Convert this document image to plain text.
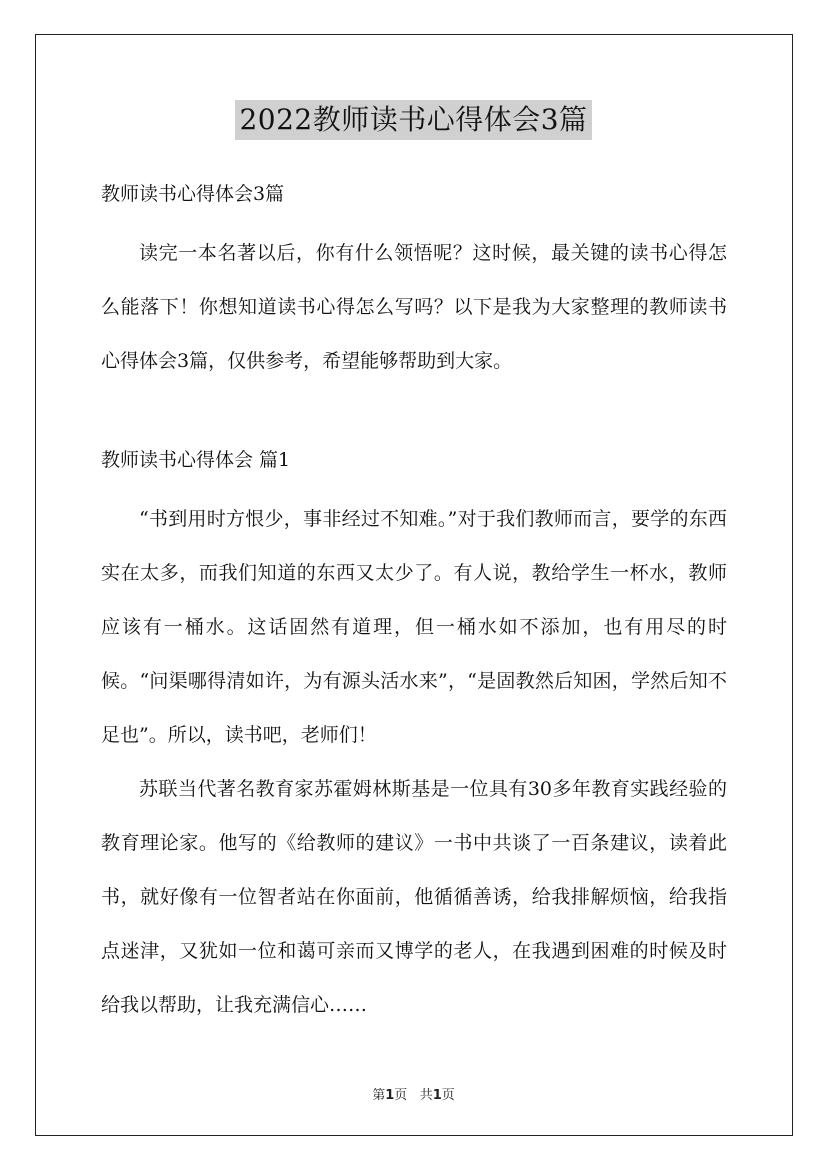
2022教师读书心得体会3篇

教师读书心得体会3篇

读完一本名著以后，你有什么领悟呢？这时候，最关键的读书心得怎么能落下！你想知道读书心得怎么写吗？以下是我为大家整理的教师读书心得体会3篇，仅供参考，希望能够帮助到大家。

教师读书心得体会 篇1

“书到用时方恨少，事非经过不知难。”对于我们教师而言，要学的东西实在太多，而我们知道的东西又太少了。有人说，教给学生一杯水，教师应该有一桶水。这话固然有道理，但一桶水如不添加，也有用尽的时候。“问渠哪得清如许，为有源头活水来”，“是固教然后知困，学然后知不足也”。所以，读书吧，老师们！

苏联当代著名教育家苏霍姆林斯基是一位具有30多年教育实践经验的教育理论家。他写的《给教师的建议》一书中共谈了一百条建议，读着此书，就好像有一位智者站在你面前，他循循善诱，给我排解烦恼，给我指点迷津，又犹如一位和蔼可亲而又博学的老人，在我遇到困难的时候及时给我以帮助，让我充满信心……

第1页 共1页
